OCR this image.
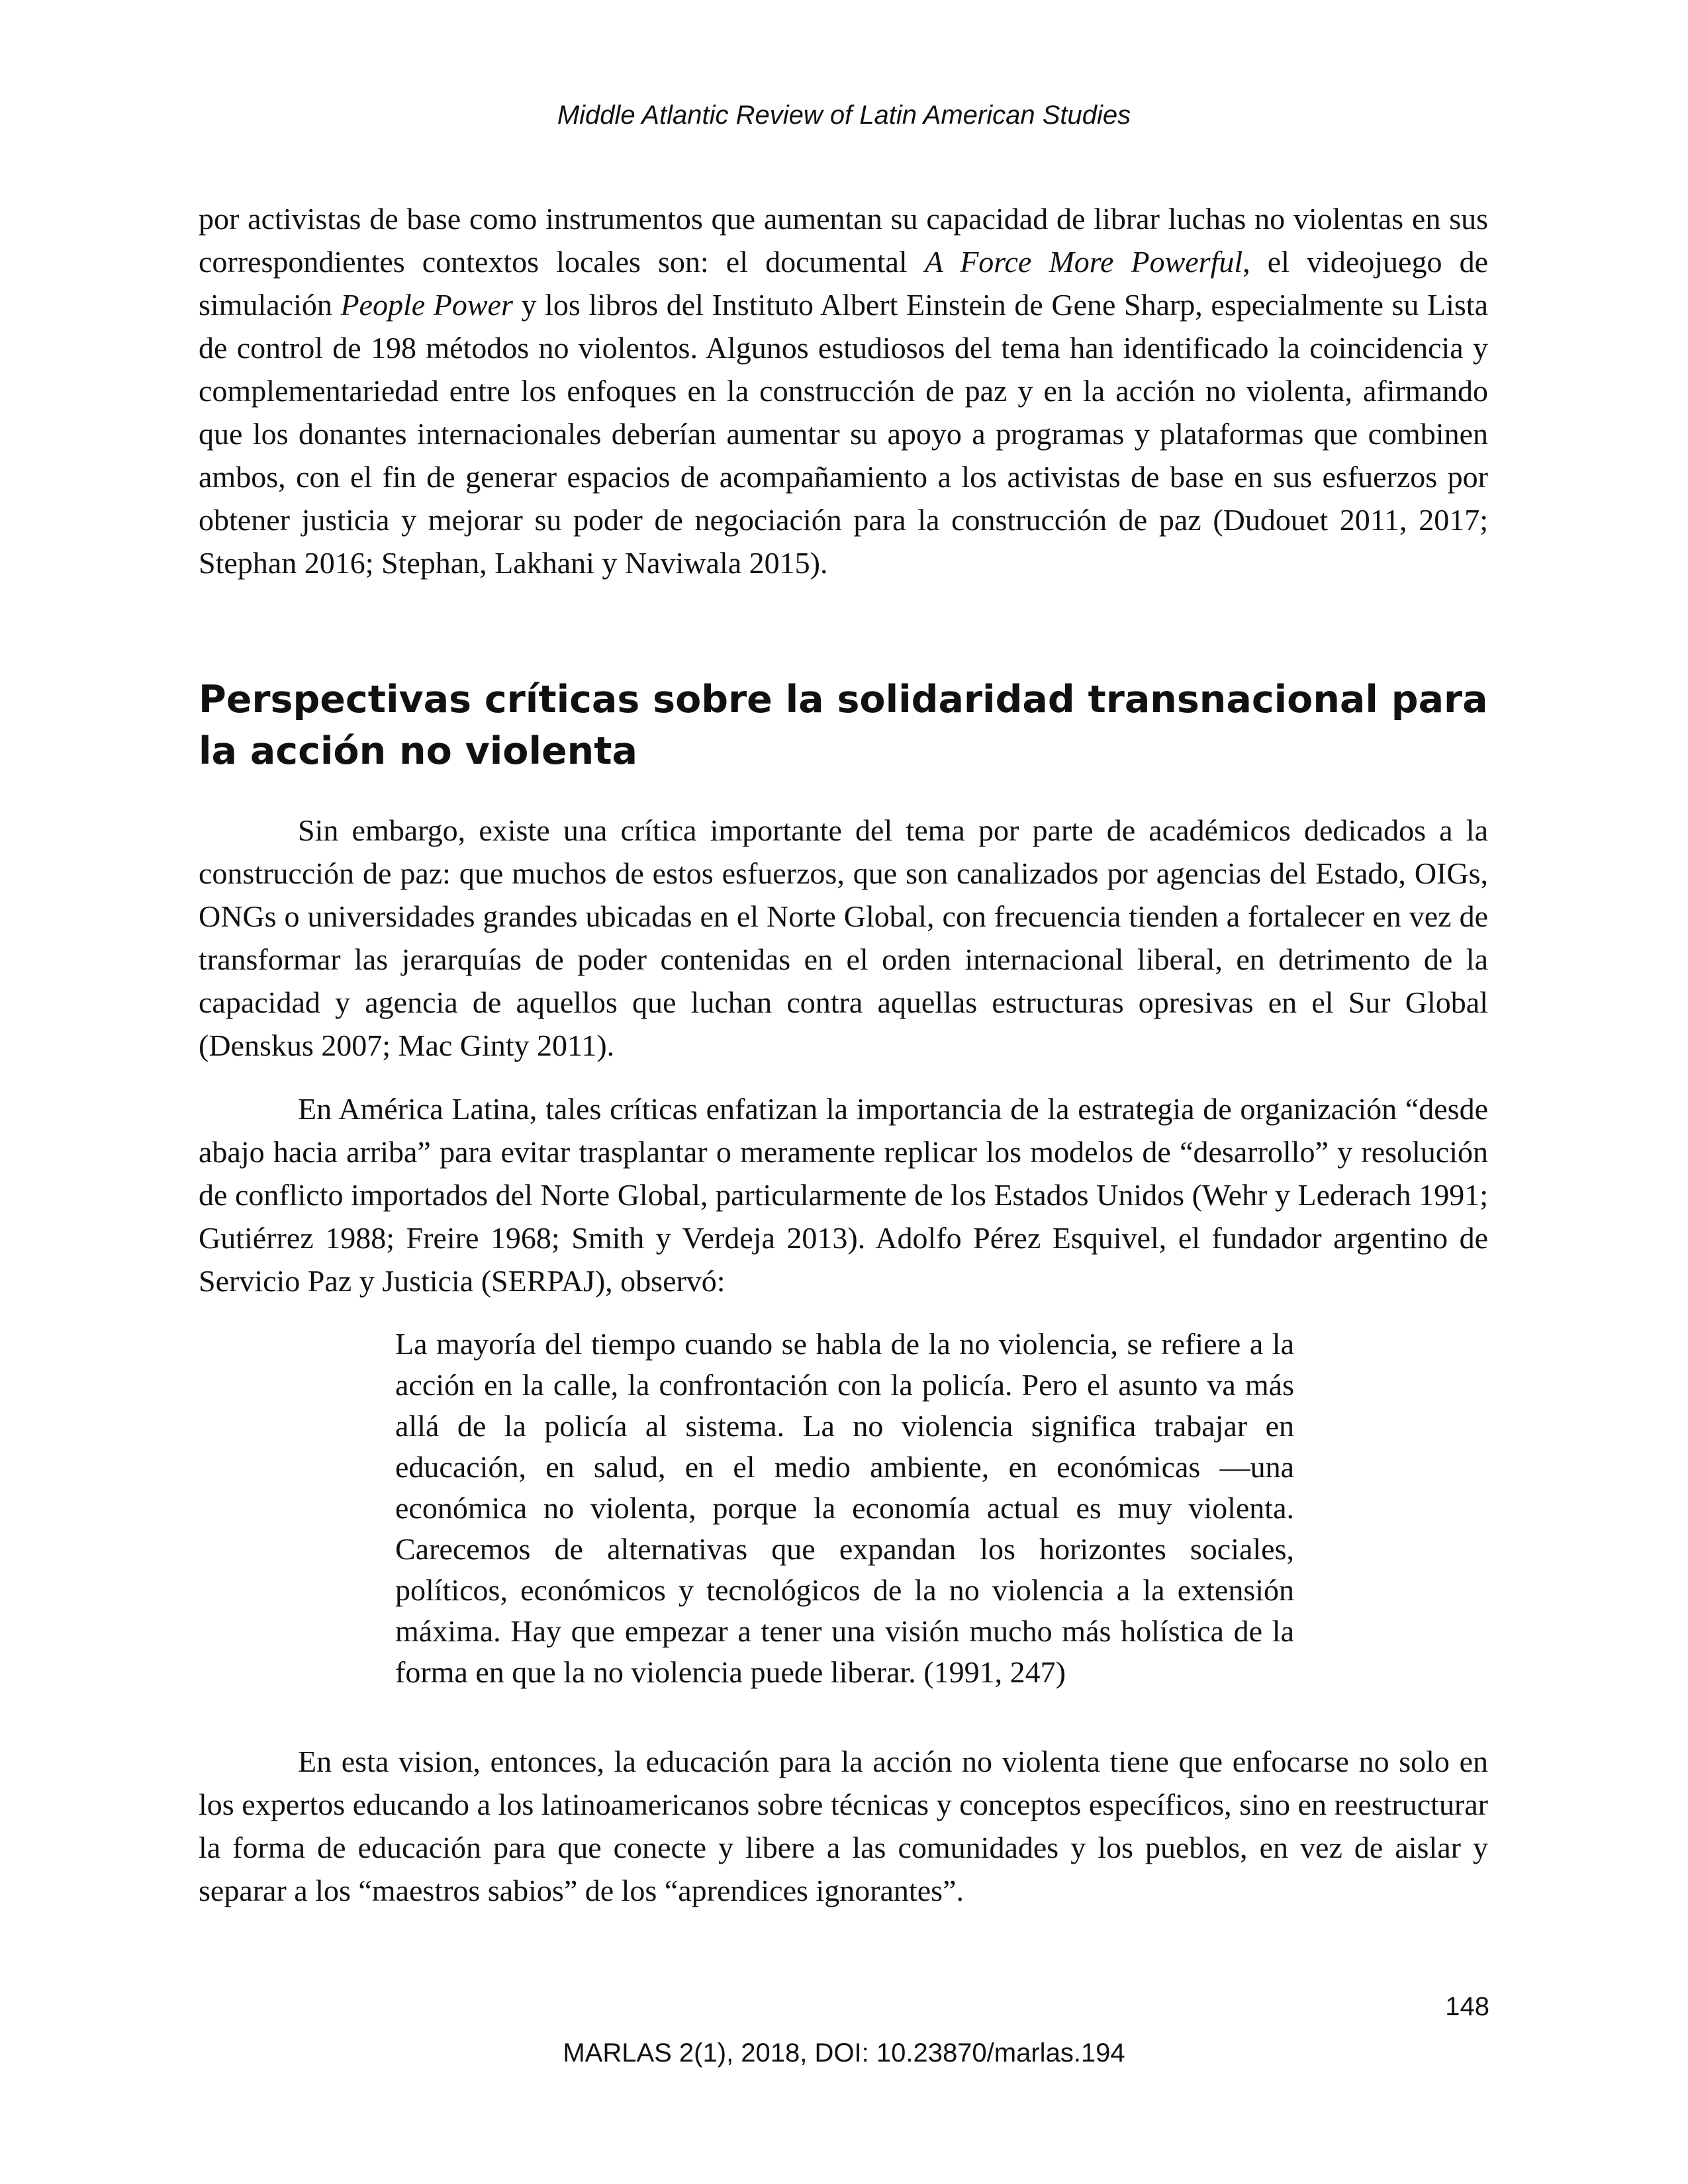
Middle Atlantic Review of Latin American Studies

por activistas de base como instrumentos que aumentan su capacidad de librar luchas no violentas en sus correspondientes contextos locales son: el documental A Force More Powerful, el videojuego de simulación People Power y los libros del Instituto Albert Einstein de Gene Sharp, especialmente su Lista de control de 198 métodos no violentos. Algunos estudiosos del tema han identificado la coincidencia y complementariedad entre los enfoques en la construcción de paz y en la acción no violenta, afirmando que los donantes internacionales deberían aumentar su apoyo a programas y plataformas que combinen ambos, con el fin de generar espacios de acompañamiento a los activistas de base en sus esfuerzos por obtener justicia y mejorar su poder de negociación para la construcción de paz (Dudouet 2011, 2017; Stephan 2016; Stephan, Lakhani y Naviwala 2015).

Perspectivas críticas sobre la solidaridad transnacional para la acción no violenta

Sin embargo, existe una crítica importante del tema por parte de académicos dedicados a la construcción de paz: que muchos de estos esfuerzos, que son canalizados por agencias del Estado, OIGs, ONGs o universidades grandes ubicadas en el Norte Global, con frecuencia tienden a fortalecer en vez de transformar las jerarquías de poder contenidas en el orden internacional liberal, en detrimento de la capacidad y agencia de aquellos que luchan contra aquellas estructuras opresivas en el Sur Global (Denskus 2007; Mac Ginty 2011).

En América Latina, tales críticas enfatizan la importancia de la estrategia de organización “desde abajo hacia arriba” para evitar trasplantar o meramente replicar los modelos de “desarrollo” y resolución de conflicto importados del Norte Global, particularmente de los Estados Unidos (Wehr y Lederach 1991; Gutiérrez 1988; Freire 1968; Smith y Verdeja 2013). Adolfo Pérez Esquivel, el fundador argentino de Servicio Paz y Justicia (SERPAJ), observó:

La mayoría del tiempo cuando se habla de la no violencia, se refiere a la acción en la calle, la confrontación con la policía. Pero el asunto va más allá de la policía al sistema. La no violencia significa trabajar en educación, en salud, en el medio ambiente, en económicas —una económica no violenta, porque la economía actual es muy violenta. Carecemos de alternativas que expandan los horizontes sociales, políticos, económicos y tecnológicos de la no violencia a la extensión máxima. Hay que empezar a tener una visión mucho más holística de la forma en que la no violencia puede liberar. (1991, 247)

En esta vision, entonces, la educación para la acción no violenta tiene que enfocarse no solo en los expertos educando a los latinoamericanos sobre técnicas y conceptos específicos, sino en reestructurar la forma de educación para que conecte y libere a las comunidades y los pueblos, en vez de aislar y separar a los “maestros sabios” de los “aprendices ignorantes”.

148
MARLAS 2(1), 2018, DOI: 10.23870/marlas.194
